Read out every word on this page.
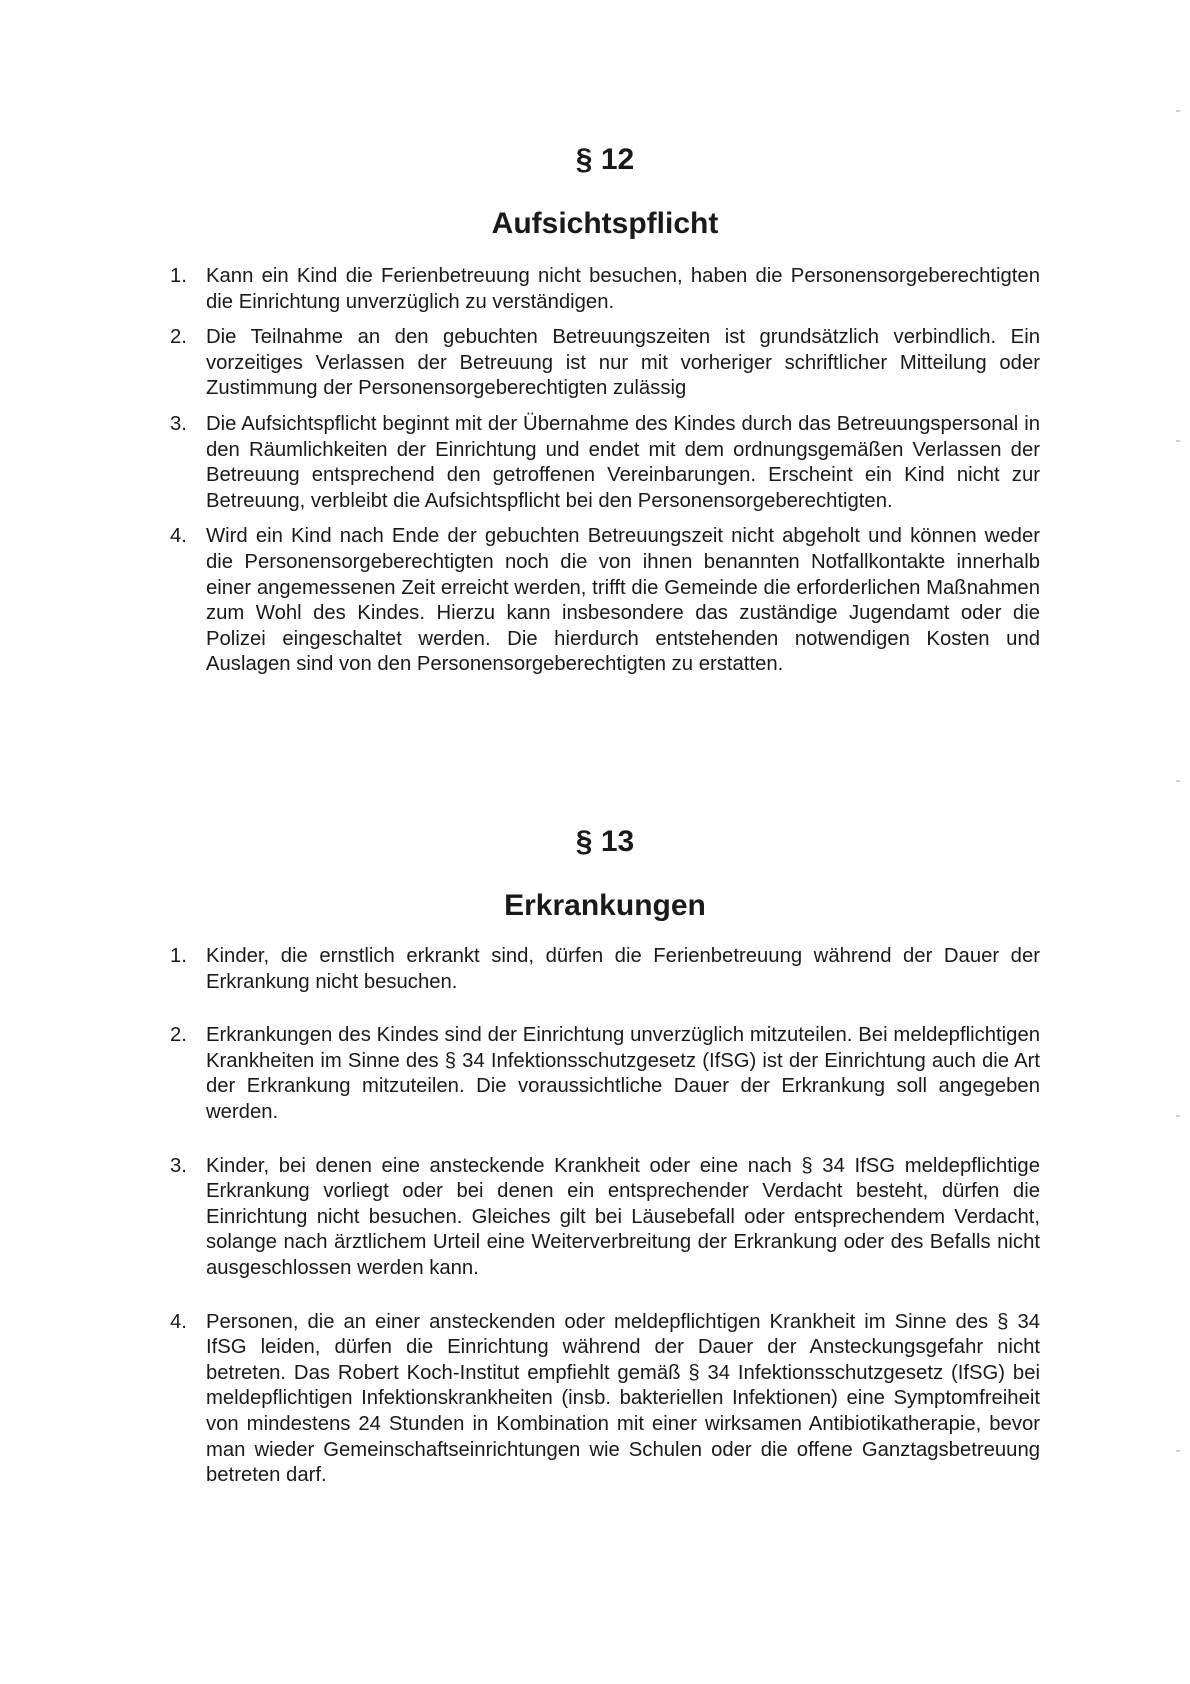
§ 12
Aufsichtspflicht
1. Kann ein Kind die Ferienbetreuung nicht besuchen, haben die Personensorgeberechtigten die Einrichtung unverzüglich zu verständigen.
2. Die Teilnahme an den gebuchten Betreuungszeiten ist grundsätzlich verbindlich. Ein vorzeitiges Verlassen der Betreuung ist nur mit vorheriger schriftlicher Mitteilung oder Zustimmung der Personensorgeberechtigten zulässig
3. Die Aufsichtspflicht beginnt mit der Übernahme des Kindes durch das Betreuungspersonal in den Räumlichkeiten der Einrichtung und endet mit dem ordnungsgemäßen Verlassen der Betreuung entsprechend den getroffenen Vereinbarungen. Erscheint ein Kind nicht zur Betreuung, verbleibt die Aufsichtspflicht bei den Personensorgeberechtigten.
4. Wird ein Kind nach Ende der gebuchten Betreuungszeit nicht abgeholt und können weder die Personensorgeberechtigten noch die von ihnen benannten Notfallkontakte innerhalb einer angemessenen Zeit erreicht werden, trifft die Gemeinde die erforderlichen Maßnahmen zum Wohl des Kindes. Hierzu kann insbesondere das zuständige Jugendamt oder die Polizei eingeschaltet werden. Die hierdurch entstehenden notwendigen Kosten und Auslagen sind von den Personensorgeberechtigten zu erstatten.
§ 13
Erkrankungen
1. Kinder, die ernstlich erkrankt sind, dürfen die Ferienbetreuung während der Dauer der Erkrankung nicht besuchen.
2. Erkrankungen des Kindes sind der Einrichtung unverzüglich mitzuteilen. Bei meldepflichtigen Krankheiten im Sinne des § 34 Infektionsschutzgesetz (IfSG) ist der Einrichtung auch die Art der Erkrankung mitzuteilen. Die voraussichtliche Dauer der Erkrankung soll angegeben werden.
3. Kinder, bei denen eine ansteckende Krankheit oder eine nach § 34 IfSG meldepflichtige Erkrankung vorliegt oder bei denen ein entsprechender Verdacht besteht, dürfen die Einrichtung nicht besuchen. Gleiches gilt bei Läusebefall oder entsprechendem Verdacht, solange nach ärztlichem Urteil eine Weiterverbreitung der Erkrankung oder des Befalls nicht ausgeschlossen werden kann.
4. Personen, die an einer ansteckenden oder meldepflichtigen Krankheit im Sinne des § 34 IfSG leiden, dürfen die Einrichtung während der Dauer der Ansteckungsgefahr nicht betreten. Das Robert Koch-Institut empfiehlt gemäß § 34 Infektionsschutzgesetz (IfSG) bei meldepflichtigen Infektionskrankheiten (insb. bakteriellen Infektionen) eine Symptomfreiheit von mindestens 24 Stunden in Kombination mit einer wirksamen Antibiotikatherapie, bevor man wieder Gemeinschaftseinrichtungen wie Schulen oder die offene Ganztagsbetreuung betreten darf.
